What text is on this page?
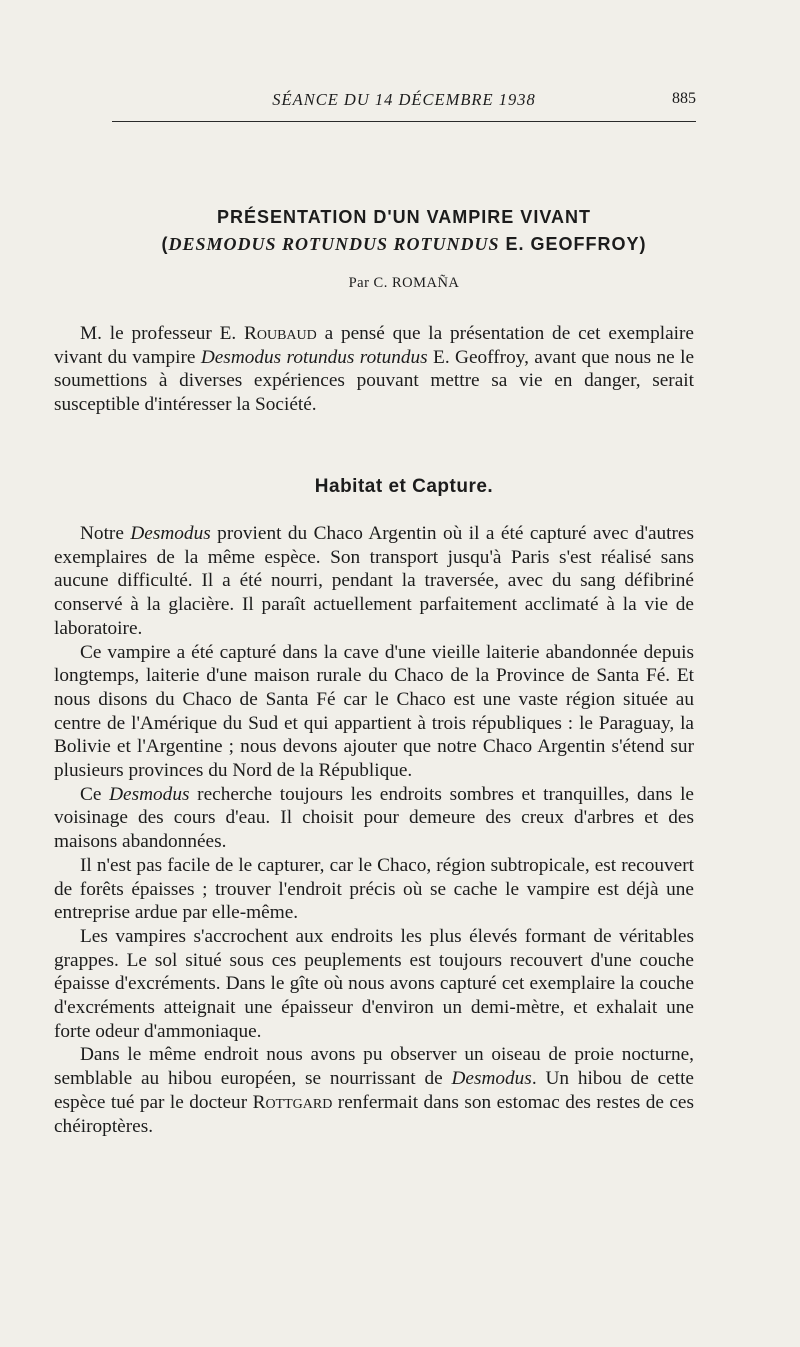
SÉANCE DU 14 DÉCEMBRE 1938	885
PRÉSENTATION D'UN VAMPIRE VIVANT
(DESMODUS ROTUNDUS ROTUNDUS E. GEOFFROY)
Par C. ROMAÑA

M. le professeur E. Roubaud a pensé que la présentation de cet exemplaire vivant du vampire Desmodus rotundus rotundus E. Geoffroy, avant que nous ne le soumettions à diverses expériences pouvant mettre sa vie en danger, serait susceptible d'intéresser la Société.

Habitat et Capture.

Notre Desmodus provient du Chaco Argentin où il a été capturé avec d'autres exemplaires de la même espèce. Son transport jusqu'à Paris s'est réalisé sans aucune difficulté. Il a été nourri, pendant la traversée, avec du sang défibriné conservé à la glacière. Il paraît actuellement parfaitement acclimaté à la vie de laboratoire.

Ce vampire a été capturé dans la cave d'une vieille laiterie abandonnée depuis longtemps, laiterie d'une maison rurale du Chaco de la Province de Santa Fé. Et nous disons du Chaco de Santa Fé car le Chaco est une vaste région située au centre de l'Amérique du Sud et qui appartient à trois républiques : le Paraguay, la Bolivie et l'Argentine ; nous devons ajouter que notre Chaco Argentin s'étend sur plusieurs provinces du Nord de la République.

Ce Desmodus recherche toujours les endroits sombres et tranquilles, dans le voisinage des cours d'eau. Il choisit pour demeure des creux d'arbres et des maisons abandonnées.

Il n'est pas facile de le capturer, car le Chaco, région subtropicale, est recouvert de forêts épaisses ; trouver l'endroit précis où se cache le vampire est déjà une entreprise ardue par elle-même.

Les vampires s'accrochent aux endroits les plus élevés formant de véritables grappes. Le sol situé sous ces peuplements est toujours recouvert d'une couche épaisse d'excréments. Dans le gîte où nous avons capturé cet exemplaire la couche d'excréments atteignait une épaisseur d'environ un demi-mètre, et exhalait une forte odeur d'ammoniaque.

Dans le même endroit nous avons pu observer un oiseau de proie nocturne, semblable au hibou européen, se nourrissant de Desmodus. Un hibou de cette espèce tué par le docteur Rottgard renfermait dans son estomac des restes de ces chéiroptères.
